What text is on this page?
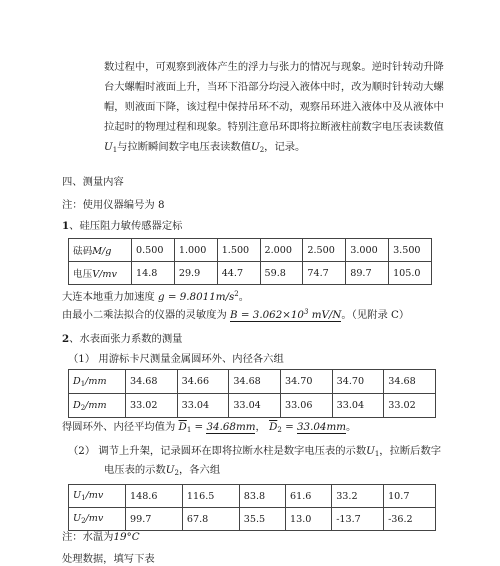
数过程中，可观察到液体产生的浮力与张力的情况与现象。逆时针转动升降
台大螺帽时液面上升，当环下沿部分均浸入液体中时，改为顺时针转动大螺
帽，则液面下降，该过程中保持吊环不动，观察吊环进入液体中及从液体中
拉起时的物理过程和现象。特别注意吊环即将拉断液柱前数字电压表读数值
$U_1$与拉断瞬间数字电压表读数值$U_2$，记录。
四、测量内容
注：使用仪器编号为 8
1、硅压阻力敏传感器定标
砝码M/g	0.500	1.000	1.500	2.000	2.500	3.000	3.500
电压V/mv	14.8	29.9	44.7	59.8	74.7	89.7	105.0
大连本地重力加速度 $g = 9.8011m/s^2$。
由最小二乘法拟合的仪器的灵敏度为 $B = 3.062\times 10^3$ mV/N。（见附录 C）
2、水表面张力系数的测量
（1） 用游标卡尺测量金属圆环外、内径各六组
$D_1/mm$	34.68	34.66	34.68	34.70	34.70	34.68
$D_2/mm$	33.02	33.04	33.04	33.06	33.04	33.02
得圆环外、内径平均值为 $\overline{D}_1 = 34.68mm$， $\overline{D}_2 = 33.04mm$。
（2） 调节上升架，记录圆环在即将拉断水柱是数字电压表的示数$U_1$，拉断后数字
电压表的示数$U_2$，各六组
$U_1/mv$	148.6	116.5	83.8	61.6	33.2	10.7
$U_2/mv$	99.7	67.8	35.5	13.0	-13.7	-36.2
注：水温为19°C
处理数据，填写下表
